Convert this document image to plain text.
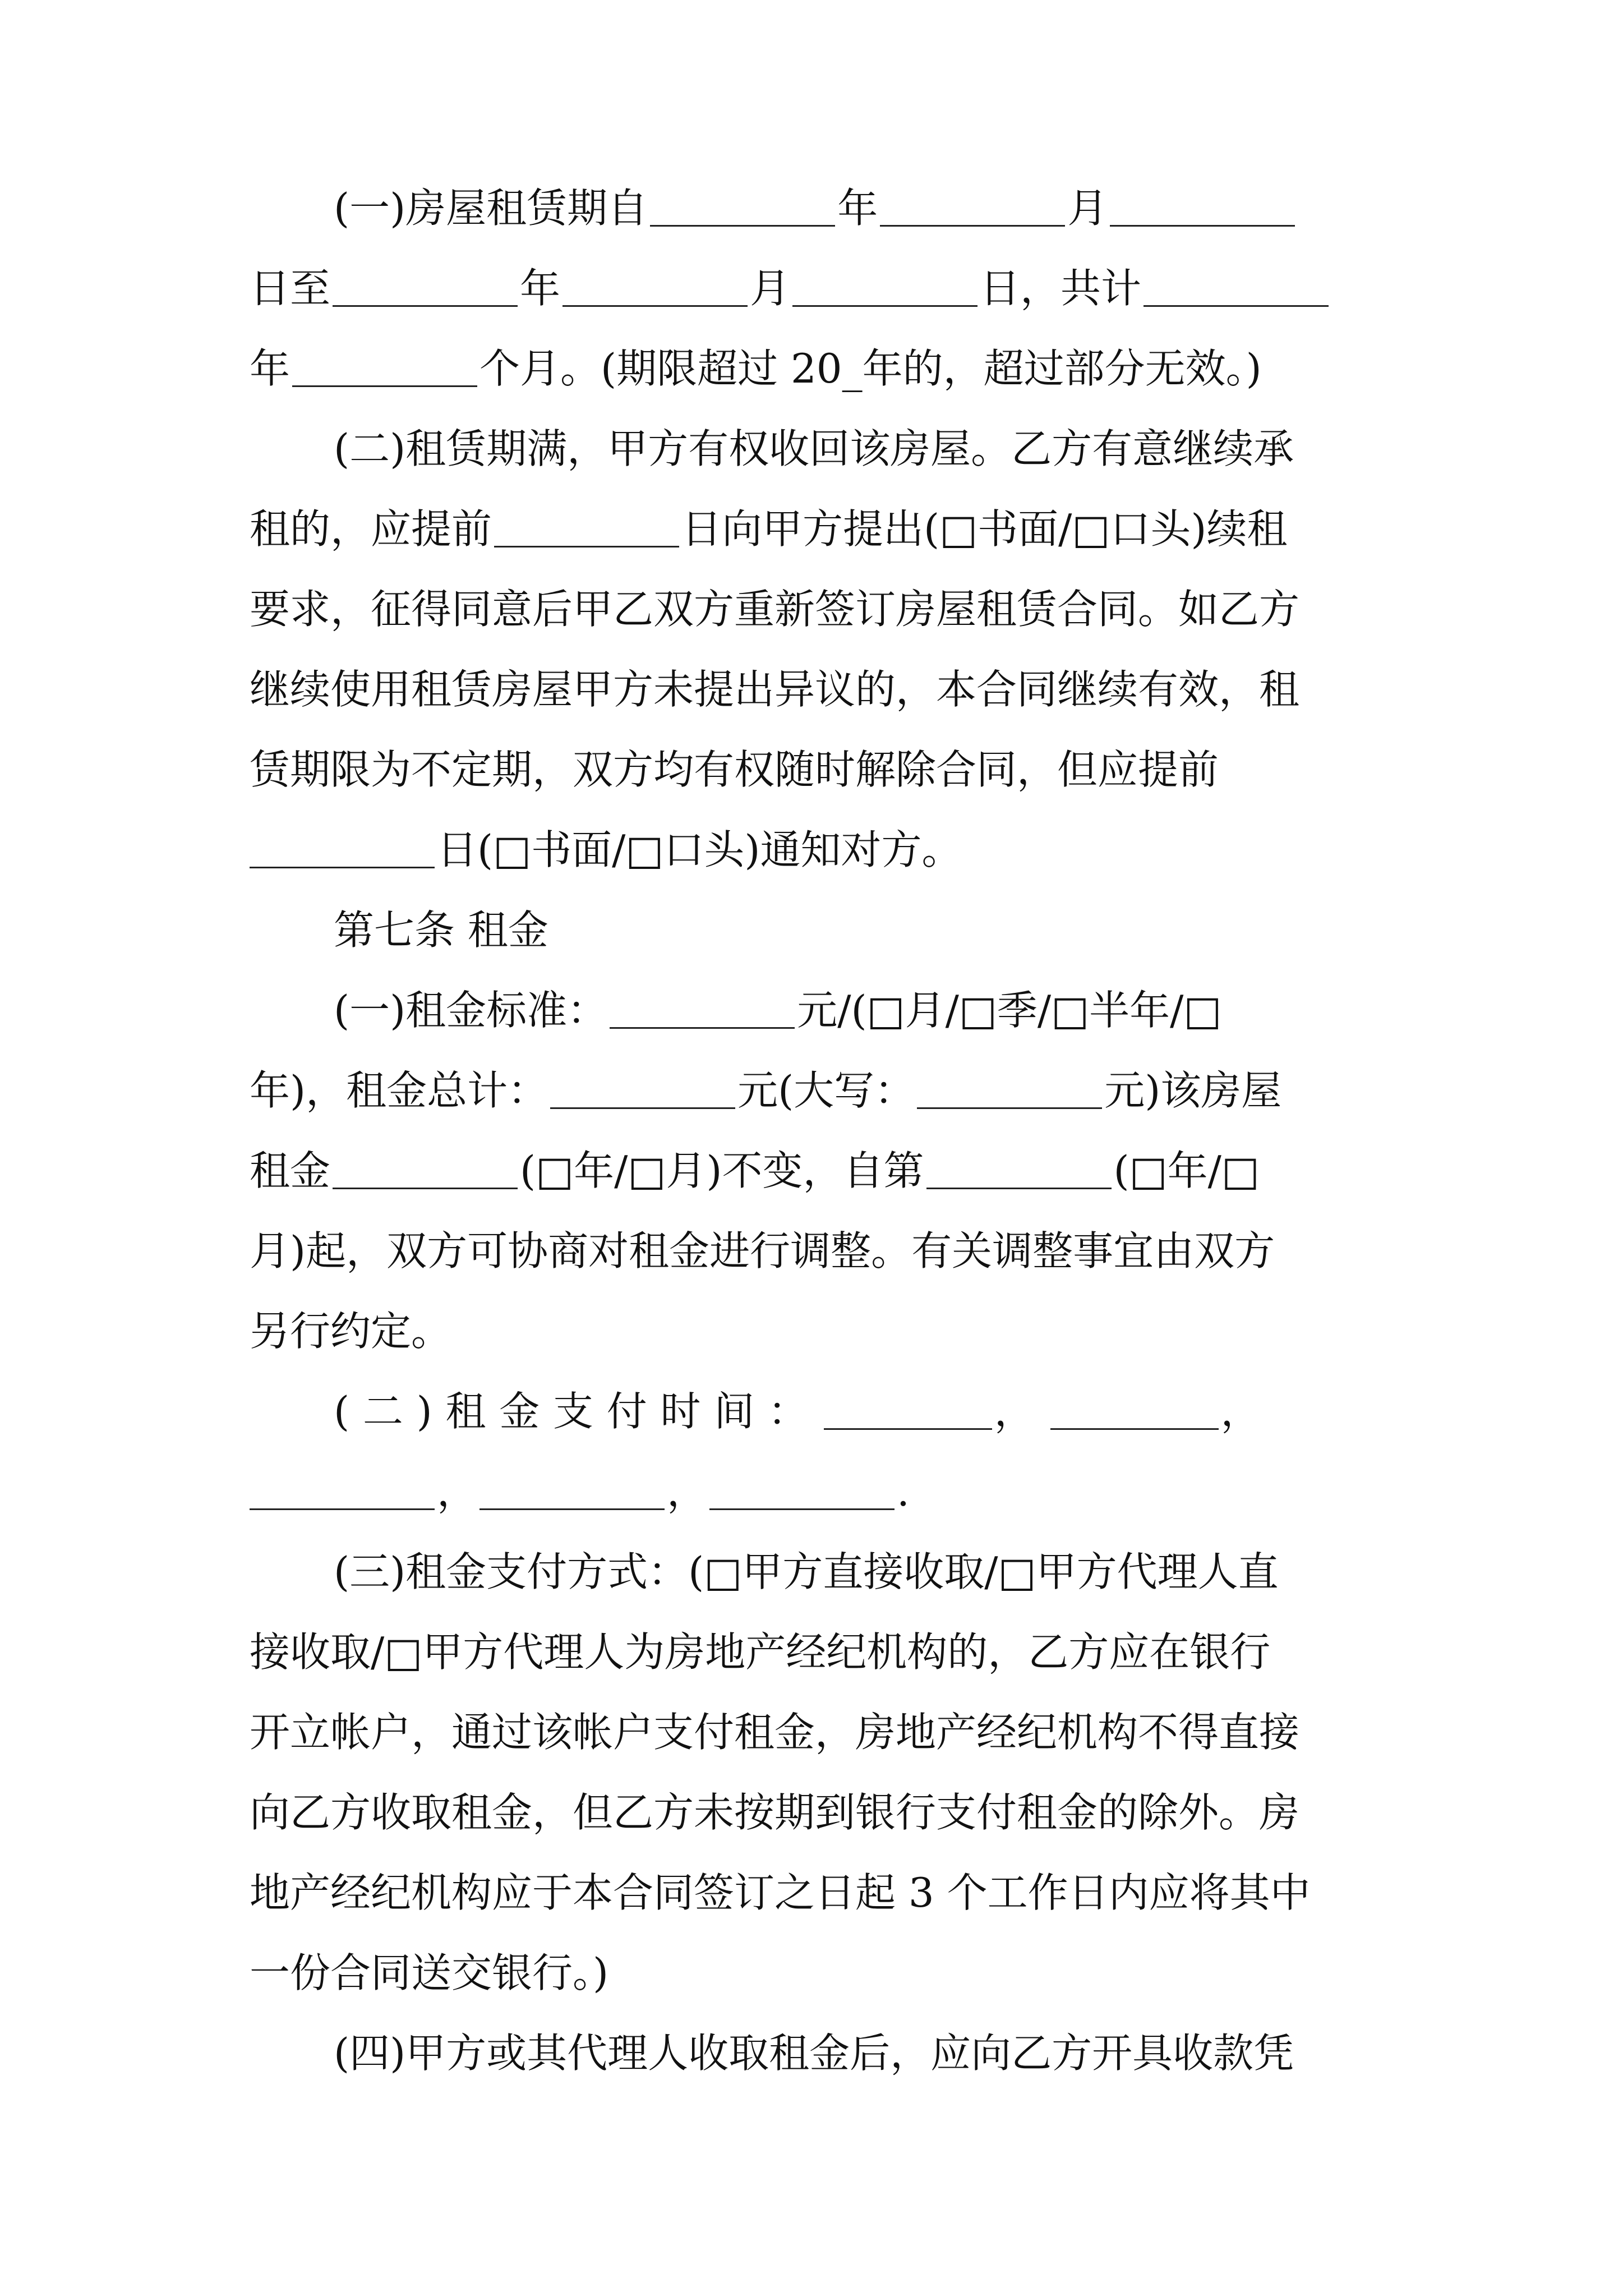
(一)房屋租赁期自	年	月
日至	年	月	日，共计
年	个月。(期限超过 20_年的，超过部分无效。)
(二)租赁期满，甲方有权收回该房屋。乙方有意继续承
租的，应提前	日向甲方提出(□书面/□口头)续租
要求，征得同意后甲乙双方重新签订房屋租赁合同。如乙方
继续使用租赁房屋甲方未提出异议的，本合同继续有效，租
赁期限为不定期，双方均有权随时解除合同，但应提前
日(□书面/□口头)通知对方。
第七条 租金
(一)租金标准：	元/(□月/□季/□半年/□
年)，租金总计：	元(大写：	元)该房屋
租金	(□年/□月)不变，自第	(□年/□
月)起，双方可协商对租金进行调整。有关调整事宜由双方
另行约定。
(二)租金支付时间：	，	，
，	，	.
(三)租金支付方式：(□甲方直接收取/□甲方代理人直
接收取/□甲方代理人为房地产经纪机构的，乙方应在银行
开立帐户，通过该帐户支付租金，房地产经纪机构不得直接
向乙方收取租金，但乙方未按期到银行支付租金的除外。房
地产经纪机构应于本合同签订之日起 3 个工作日内应将其中
一份合同送交银行。)
(四)甲方或其代理人收取租金后，应向乙方开具收款凭
